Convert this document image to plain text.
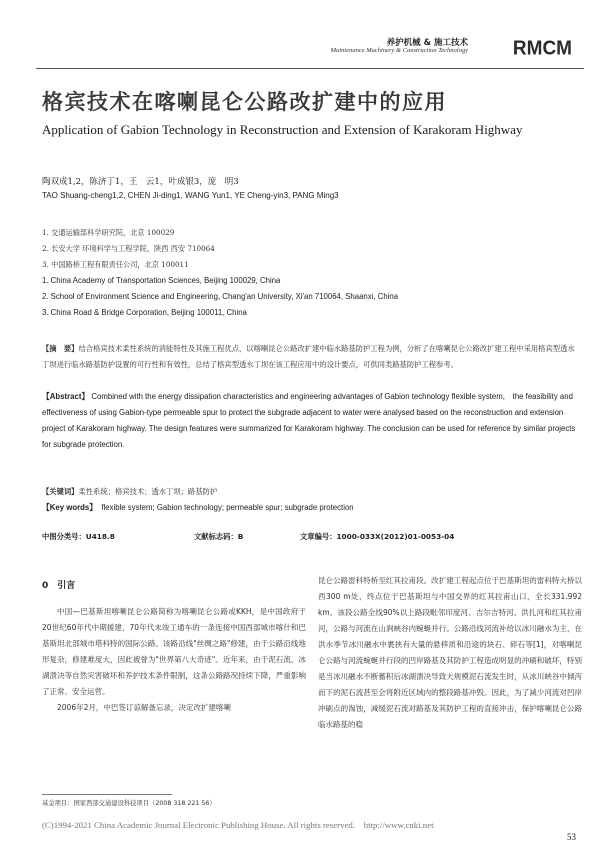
养护机械 & 施工技术
Maintenance Machinery & Construction Technology RMCM
格宾技术在喀喇昆仑公路改扩建中的应用
Application of Gabion Technology in Reconstruction and Extension of Karakoram Highway
陶双成1,2，陈济丁1，王　云1，叶成银3，庞　明3
TAO Shuang-cheng1,2, CHEN Ji-ding1, WANG Yun1, YE Cheng-yin3, PANG Ming3
1. 交通运输部科学研究院，北京 100029
2. 长安大学 环境科学与工程学院，陕西 西安 710064
3. 中国路桥工程有限责任公司，北京 100011
1. China Academy of Transportation Sciences, Beijing 100029, China
2. School of Environment Science and Engineering, Chang'an University, Xi'an 710064, Shaanxi, China
3. China Road & Bridge Corporation, Beijing 100011, China
【摘　要】结合格宾技术柔性系统的消能特性及其施工程优点，以喀喇昆仑公路改扩建中临水路基防护工程为例，分析了在喀喇昆仑公路改扩建工程中采用格宾型透水丁坝进行临水路基防护设置的可行性和有效性，总结了格宾型透水丁坝在该工程应用中的设计要点，可供同类路基防护工程参考。
【Abstract】 Combined with the energy dissipation characteristics and engineering advantages of Gabion technology flexible system,　the feasibility and effectiveness of using Gabion-type permeable spur to protect the subgrade adjacent to water were analysed based on the reconstruction and extension project of Karakoram highway. The design features were summarized for Karakoram highway. The conclusion can be used for reference by similar projects for subgrade protection.
【关键词】柔性系统；格宾技术；透水丁坝；路基防护
【Key words】 flexible system; Gabion technology; permeable spur; subgrade protection
中图分类号：U418.8	文献标志码：B	文章编号：1000-033X(2012)01-0053-04
0　引言

中国—巴基斯坦喀喇昆仑公路简称为喀喇昆仑公路或KKH，是中国政府于20世纪60年代中期援建，70年代末竣工通车的一条连接中国西部城市喀什和巴基斯坦北部城市塔科特的国际公路。该路沿线"丝绸之路"修建，由于公路沿线地形复杂，修建难度大，因此被誉为"世界第八大奇迹"。近年来，由于泥石流、冰湖溃决等自然灾害破坏和养护技术条件限制，这条公路路况持续下降，严重影响了正常、安全运营。

2006年2月，中巴签订谅解备忘录，决定改扩建喀喇

昆仑公路雷科特桥至红其拉甫段。改扩建工程起点位于巴基斯坦的雷科特大桥以西300 m处，终点位于巴基斯坦与中国交界的红其拉甫山口，全长331.992 km。该段公路全线90%以上路段毗邻印度河、吉尔吉特河、洪扎河和红其拉甫河，公路与河流在山涧峡谷内蜿蜒并行。公路沿线河流补给以冰川融水为主，在洪水季节冰川融水中裹挟有大量的悬移质和沿途的块石、碎石等[1]，对喀喇昆仑公路与河流蜿蜒并行段的凹岸路基及其防护工程造成明显的冲刷和破坏，特别是当冰川融水不断蓄积后冰湖溃决导致大规模泥石流发生时，从冰川峡谷中倾泻而下的泥石流甚至会将附近区域内的整段路基冲毁。因此，为了减少河流对凹岸冲刷点的淘蚀，减缓泥石流对路基及其防护工程的直接冲击，保护喀喇昆仑公路临水路基的稳
基金项目：国家西部交通建设科技项目（2008 318 221 56）
(C)1994-2021 China Academic Journal Electronic Publishing House. All rights reserved.　http://www.cnki.net
53
